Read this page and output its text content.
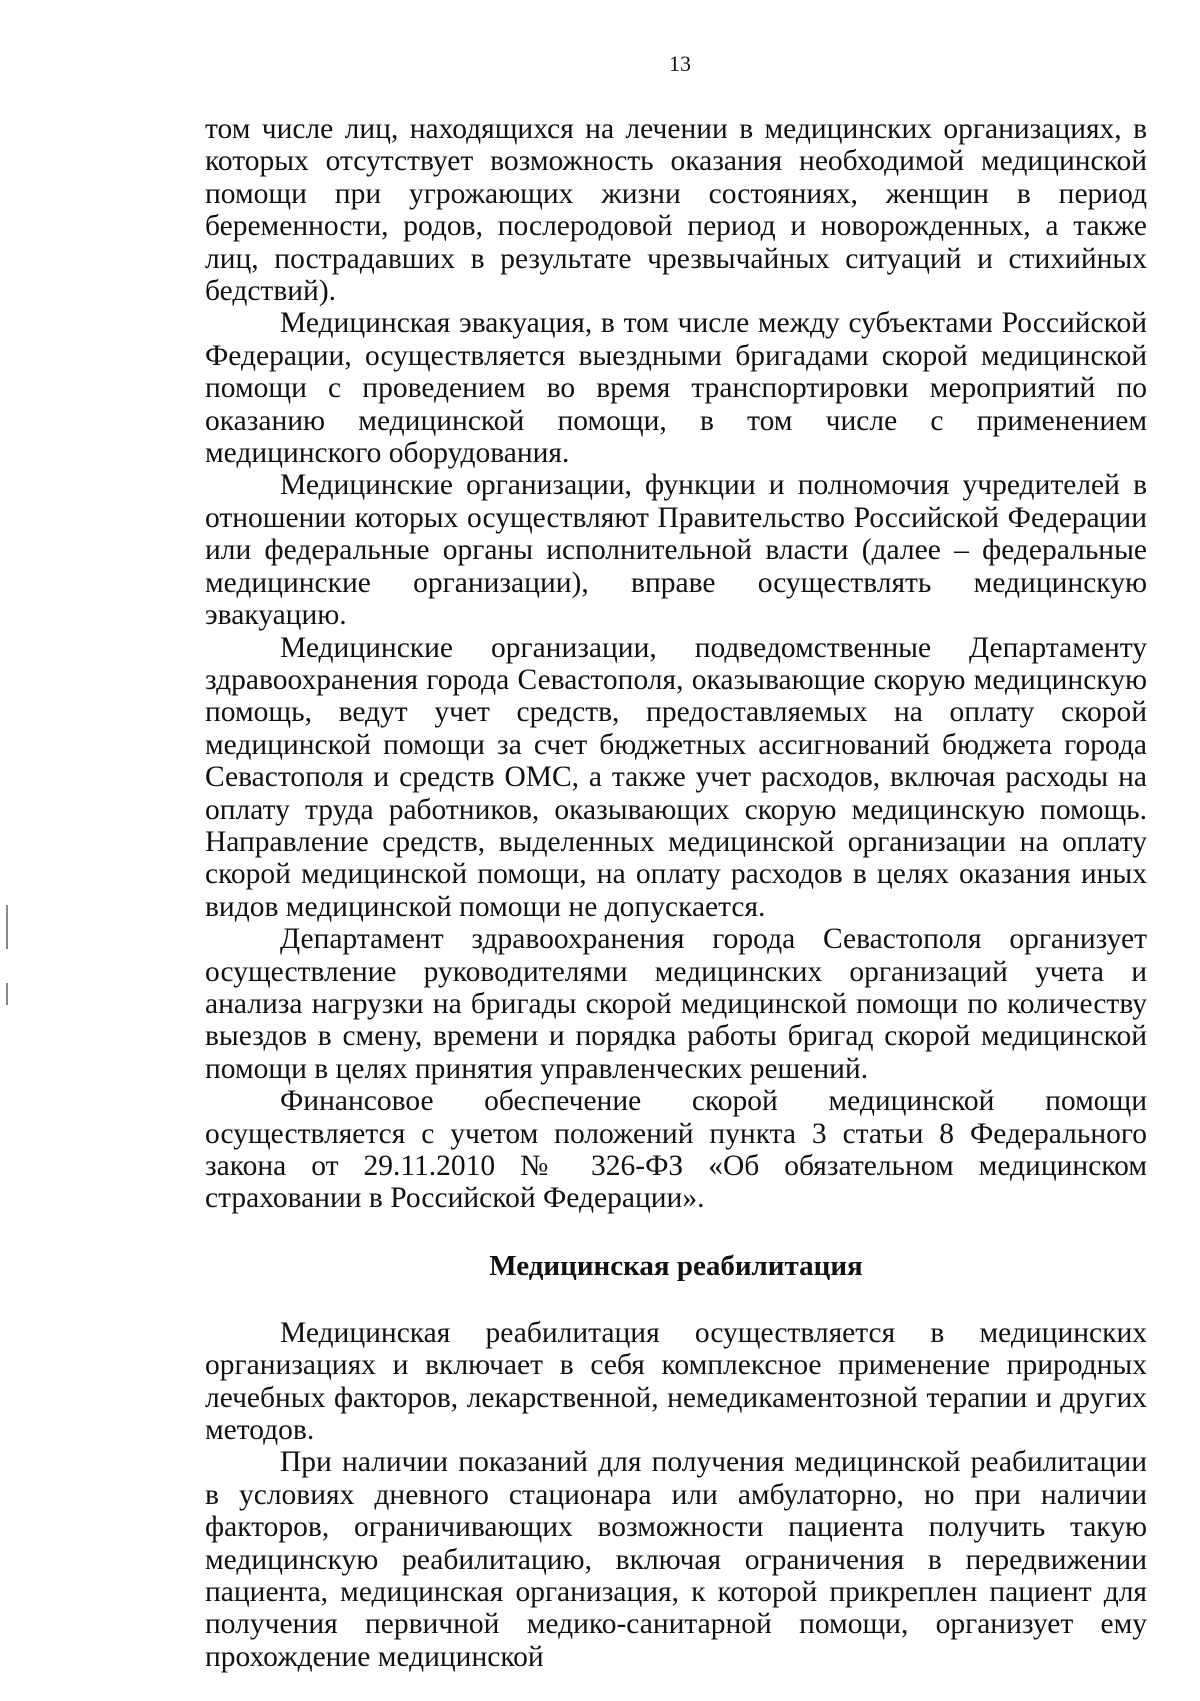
13

том числе лиц, находящихся на лечении в медицинских организациях, в которых отсутствует возможность оказания необходимой медицинской помощи при угрожающих жизни состояниях, женщин в период беременности, родов, послеродовой период и новорожденных, а также лиц, пострадавших в результате чрезвычайных ситуаций и стихийных бедствий).

Медицинская эвакуация, в том числе между субъектами Российской Федерации, осуществляется выездными бригадами скорой медицинской помощи с проведением во время транспортировки мероприятий по оказанию медицинской помощи, в том числе с применением медицинского оборудования.

Медицинские организации, функции и полномочия учредителей в отношении которых осуществляют Правительство Российской Федерации или федеральные органы исполнительной власти (далее – федеральные медицинские организации), вправе осуществлять медицинскую эвакуацию.

Медицинские организации, подведомственные Департаменту здравоохранения города Севастополя, оказывающие скорую медицинскую помощь, ведут учет средств, предоставляемых на оплату скорой медицинской помощи за счет бюджетных ассигнований бюджета города Севастополя и средств ОМС, а также учет расходов, включая расходы на оплату труда работников, оказывающих скорую медицинскую помощь. Направление средств, выделенных медицинской организации на оплату скорой медицинской помощи, на оплату расходов в целях оказания иных видов медицинской помощи не допускается.

Департамент здравоохранения города Севастополя организует осуществление руководителями медицинских организаций учета и анализа нагрузки на бригады скорой медицинской помощи по количеству выездов в смену, времени и порядка работы бригад скорой медицинской помощи в целях принятия управленческих решений.

Финансовое обеспечение скорой медицинской помощи осуществляется с учетом положений пункта 3 статьи 8 Федерального закона от 29.11.2010 № 326-ФЗ «Об обязательном медицинском страховании в Российской Федерации».

Медицинская реабилитация

Медицинская реабилитация осуществляется в медицинских организациях и включает в себя комплексное применение природных лечебных факторов, лекарственной, немедикаментозной терапии и других методов.

При наличии показаний для получения медицинской реабилитации в условиях дневного стационара или амбулаторно, но при наличии факторов, ограничивающих возможности пациента получить такую медицинскую реабилитацию, включая ограничения в передвижении пациента, медицинская организация, к которой прикреплен пациент для получения первичной медико-санитарной помощи, организует ему прохождение медицинской
